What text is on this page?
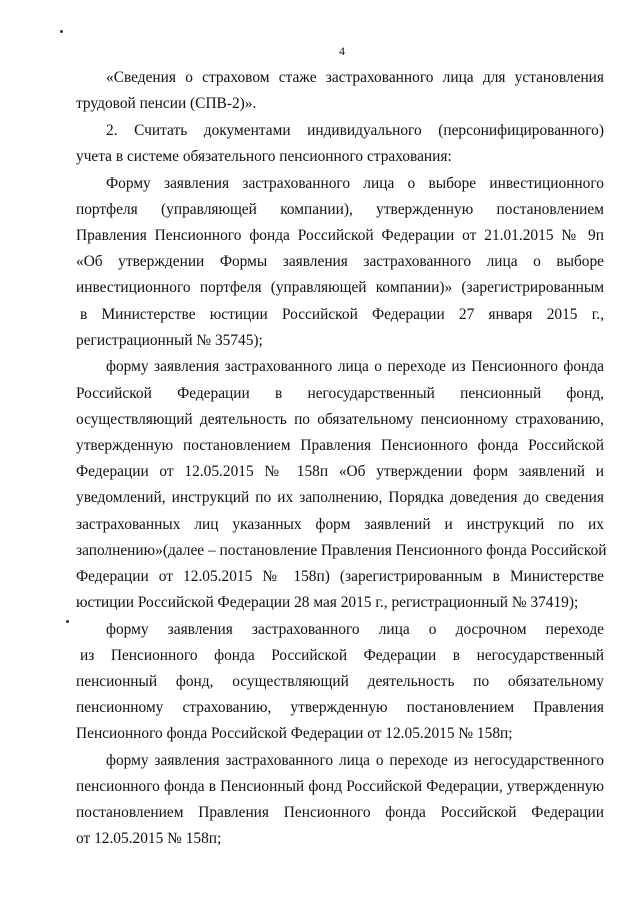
4
«Сведения о страховом стаже застрахованного лица для установления
трудовой пенсии (СПВ-2)».
2. Считать документами индивидуального (персонифицированного)
учета в системе обязательного пенсионного страхования:
Форму заявления застрахованного лица о выборе инвестиционного
портфеля (управляющей компании), утвержденную постановлением
Правления Пенсионного фонда Российской Федерации от 21.01.2015 № 9п
«Об утверждении Формы заявления застрахованного лица о выборе
инвестиционного портфеля (управляющей компании)» (зарегистрированным
в Министерстве юстиции Российской Федерации 27 января 2015 г.,
регистрационный № 35745);
форму заявления застрахованного лица о переходе из Пенсионного фонда
Российской Федерации в негосударственный пенсионный фонд,
осуществляющий деятельность по обязательному пенсионному страхованию,
утвержденную постановлением Правления Пенсионного фонда Российской
Федерации от 12.05.2015 № 158п «Об утверждении форм заявлений и
уведомлений, инструкций по их заполнению, Порядка доведения до сведения
застрахованных лиц указанных форм заявлений и инструкций по их
заполнению»(далее – постановление Правления Пенсионного фонда Российской
Федерации от 12.05.2015 № 158п) (зарегистрированным в Министерстве
юстиции Российской Федерации 28 мая 2015 г., регистрационный № 37419);
форму заявления застрахованного лица о досрочном переходе
из Пенсионного фонда Российской Федерации в негосударственный
пенсионный фонд, осуществляющий деятельность по обязательному
пенсионному страхованию, утвержденную постановлением Правления
Пенсионного фонда Российской Федерации от 12.05.2015 № 158п;
форму заявления застрахованного лица о переходе из негосударственного
пенсионного фонда в Пенсионный фонд Российской Федерации, утвержденную
постановлением Правления Пенсионного фонда Российской Федерации
от 12.05.2015 № 158п;
